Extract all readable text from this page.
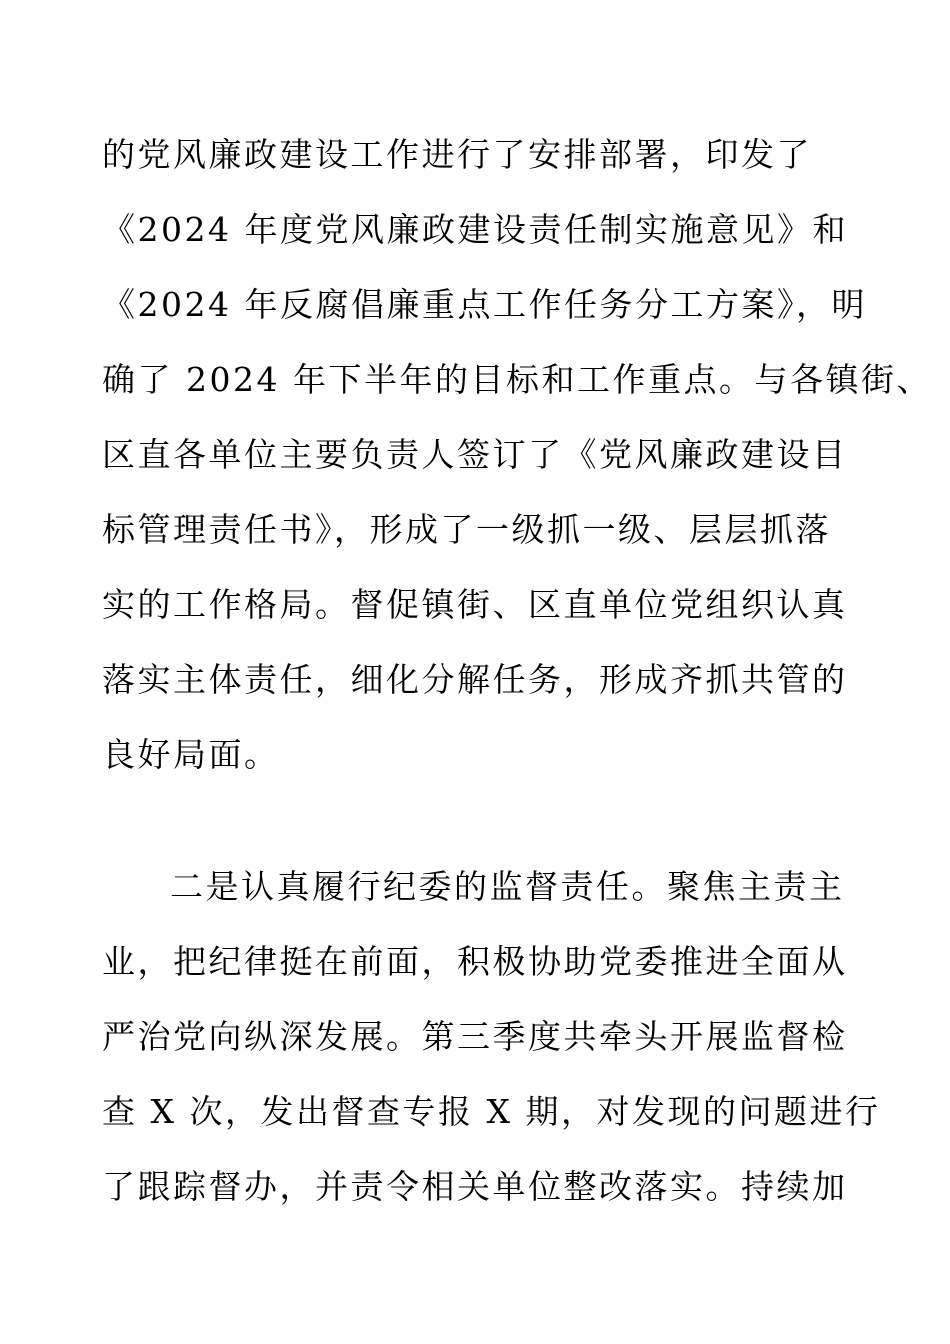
的党风廉政建设工作进行了安排部署，印发了
《2024 年度党风廉政建设责任制实施意见》和
《2024 年反腐倡廉重点工作任务分工方案》，明
确了 2024 年下半年的目标和工作重点。与各镇街、
区直各单位主要负责人签订了《党风廉政建设目
标管理责任书》，形成了一级抓一级、层层抓落
实的工作格局。督促镇街、区直单位党组织认真
落实主体责任，细化分解任务，形成齐抓共管的
良好局面。
二是认真履行纪委的监督责任。聚焦主责主
业，把纪律挺在前面，积极协助党委推进全面从
严治党向纵深发展。第三季度共牵头开展监督检
查 X 次，发出督查专报 X 期，对发现的问题进行
了跟踪督办，并责令相关单位整改落实。持续加
